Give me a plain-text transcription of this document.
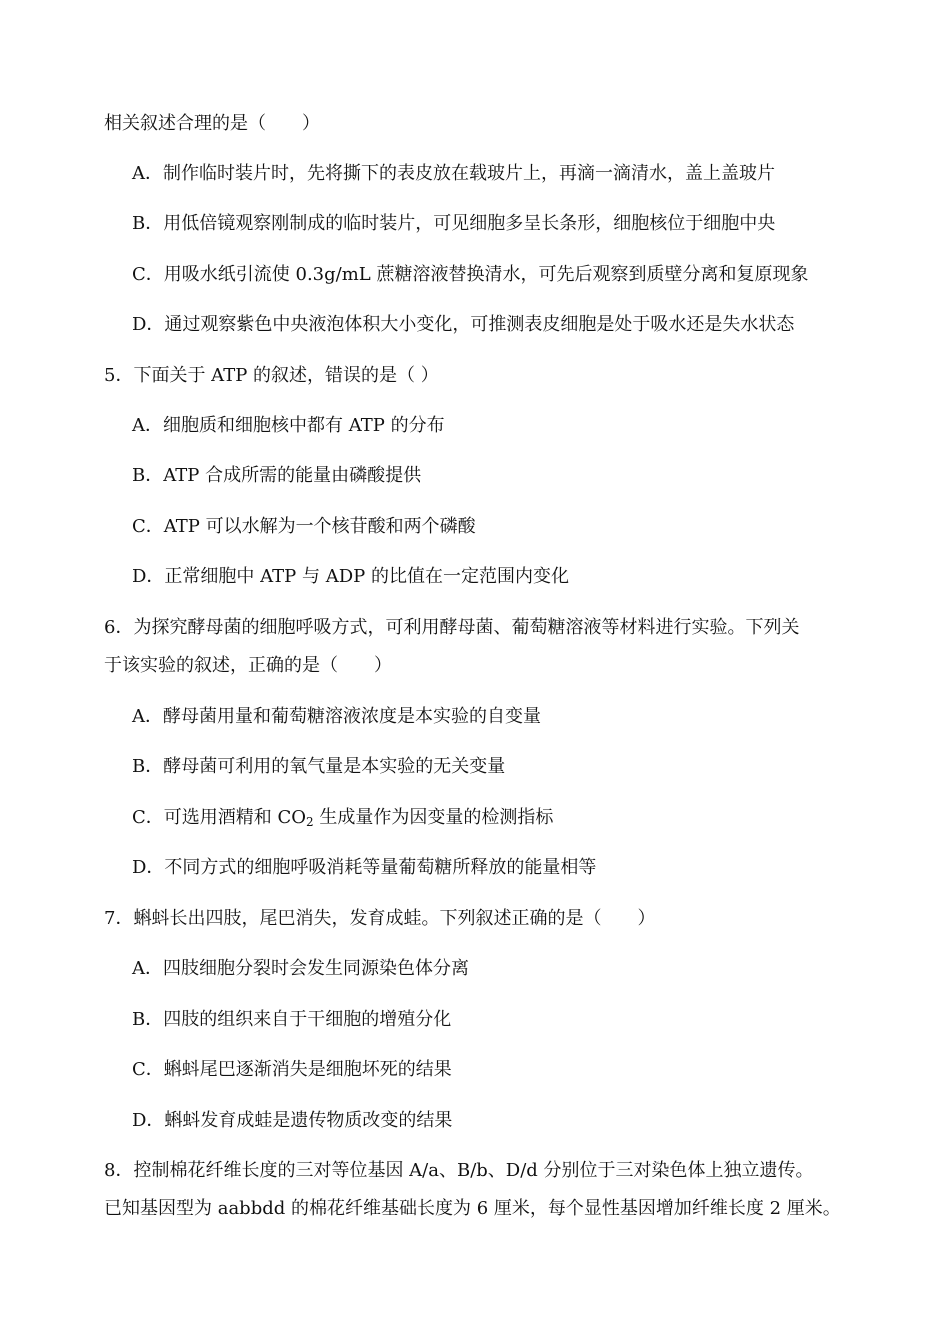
相关叙述合理的是（　　）
A．制作临时装片时，先将撕下的表皮放在载玻片上，再滴一滴清水，盖上盖玻片
B．用低倍镜观察刚制成的临时装片，可见细胞多呈长条形，细胞核位于细胞中央
C．用吸水纸引流使 0.3g/mL 蔗糖溶液替换清水，可先后观察到质壁分离和复原现象
D．通过观察紫色中央液泡体积大小变化，可推测表皮细胞是处于吸水还是失水状态
5．下面关于 ATP 的叙述，错误的是（ ）
A．细胞质和细胞核中都有 ATP 的分布
B．ATP 合成所需的能量由磷酸提供
C．ATP 可以水解为一个核苷酸和两个磷酸
D．正常细胞中 ATP 与 ADP 的比值在一定范围内变化
6．为探究酵母菌的细胞呼吸方式，可利用酵母菌、葡萄糖溶液等材料进行实验。下列关
于该实验的叙述，正确的是（　　）
A．酵母菌用量和葡萄糖溶液浓度是本实验的自变量
B．酵母菌可利用的氧气量是本实验的无关变量
C．可选用酒精和 $CO_2$ 生成量作为因变量的检测指标
D．不同方式的细胞呼吸消耗等量葡萄糖所释放的能量相等
7．蝌蚪长出四肢，尾巴消失，发育成蛙。下列叙述正确的是（　　）
A．四肢细胞分裂时会发生同源染色体分离
B．四肢的组织来自于干细胞的增殖分化
C．蝌蚪尾巴逐渐消失是细胞坏死的结果
D．蝌蚪发育成蛙是遗传物质改变的结果
8．控制棉花纤维长度的三对等位基因 A/a、B/b、D/d 分别位于三对染色体上独立遗传。
已知基因型为 aabbdd 的棉花纤维基础长度为 6 厘米，每个显性基因增加纤维长度 2 厘米。
